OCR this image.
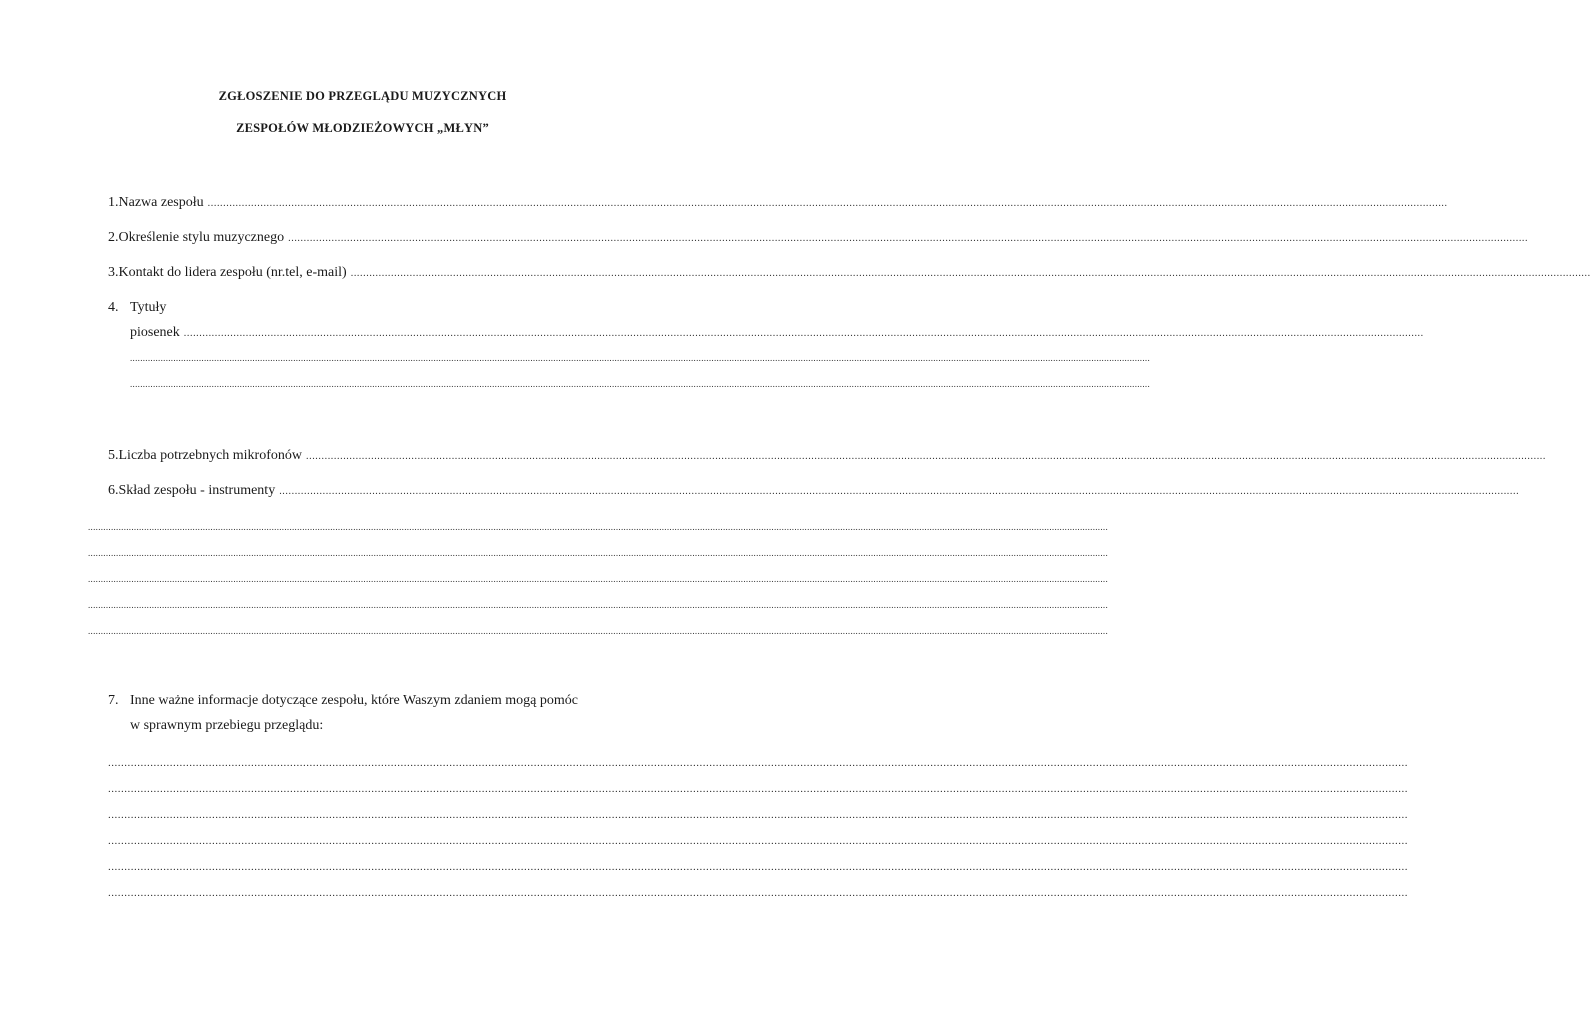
ZGŁOSZENIE DO PRZEGLĄDU MUZYCZNYCH
ZESPOŁÓW MŁODZIEŻOWYCH „MŁYN”
1. Nazwa zespołu ................................................................................................................................................................................................................................................................................................................................................................................................................
2. Określenie stylu muzycznego ................................................................................................................................................................................................................................................................................................................................................................................................................
3. Kontakt do lidera zespołu (nr.tel, e-mail) ................................................................................................................................................................................................................................................................................................................................................................................................................
4. Tytuły
piosenek ................................................................................................................................................................................................................................................................................................................................................................................................................
................................................................................................................................................................................................................................................................................................................................................................................................................
................................................................................................................................................................................................................................................................................................................................................................................................................
5. Liczba potrzebnych mikrofonów ................................................................................................................................................................................................................................................................................................................................................................................................................
6. Skład zespołu - instrumenty ................................................................................................................................................................................................................................................................................................................................................................................................................
................................................................................................................................................................................................................................................................................................................................................................................................................
................................................................................................................................................................................................................................................................................................................................................................................................................
................................................................................................................................................................................................................................................................................................................................................................................................................
................................................................................................................................................................................................................................................................................................................................................................................................................
................................................................................................................................................................................................................................................................................................................................................................................................................
7. Inne ważne informacje dotyczące zespołu, które Waszym zdaniem mogą pomóc
w sprawnym przebiegu przeglądu:
................................................................................................................................................................................................................................................................................................................................................................................................................
................................................................................................................................................................................................................................................................................................................................................................................................................
................................................................................................................................................................................................................................................................................................................................................................................................................
................................................................................................................................................................................................................................................................................................................................................................................................................
................................................................................................................................................................................................................................................................................................................................................................................................................
................................................................................................................................................................................................................................................................................................................................................................................................................
